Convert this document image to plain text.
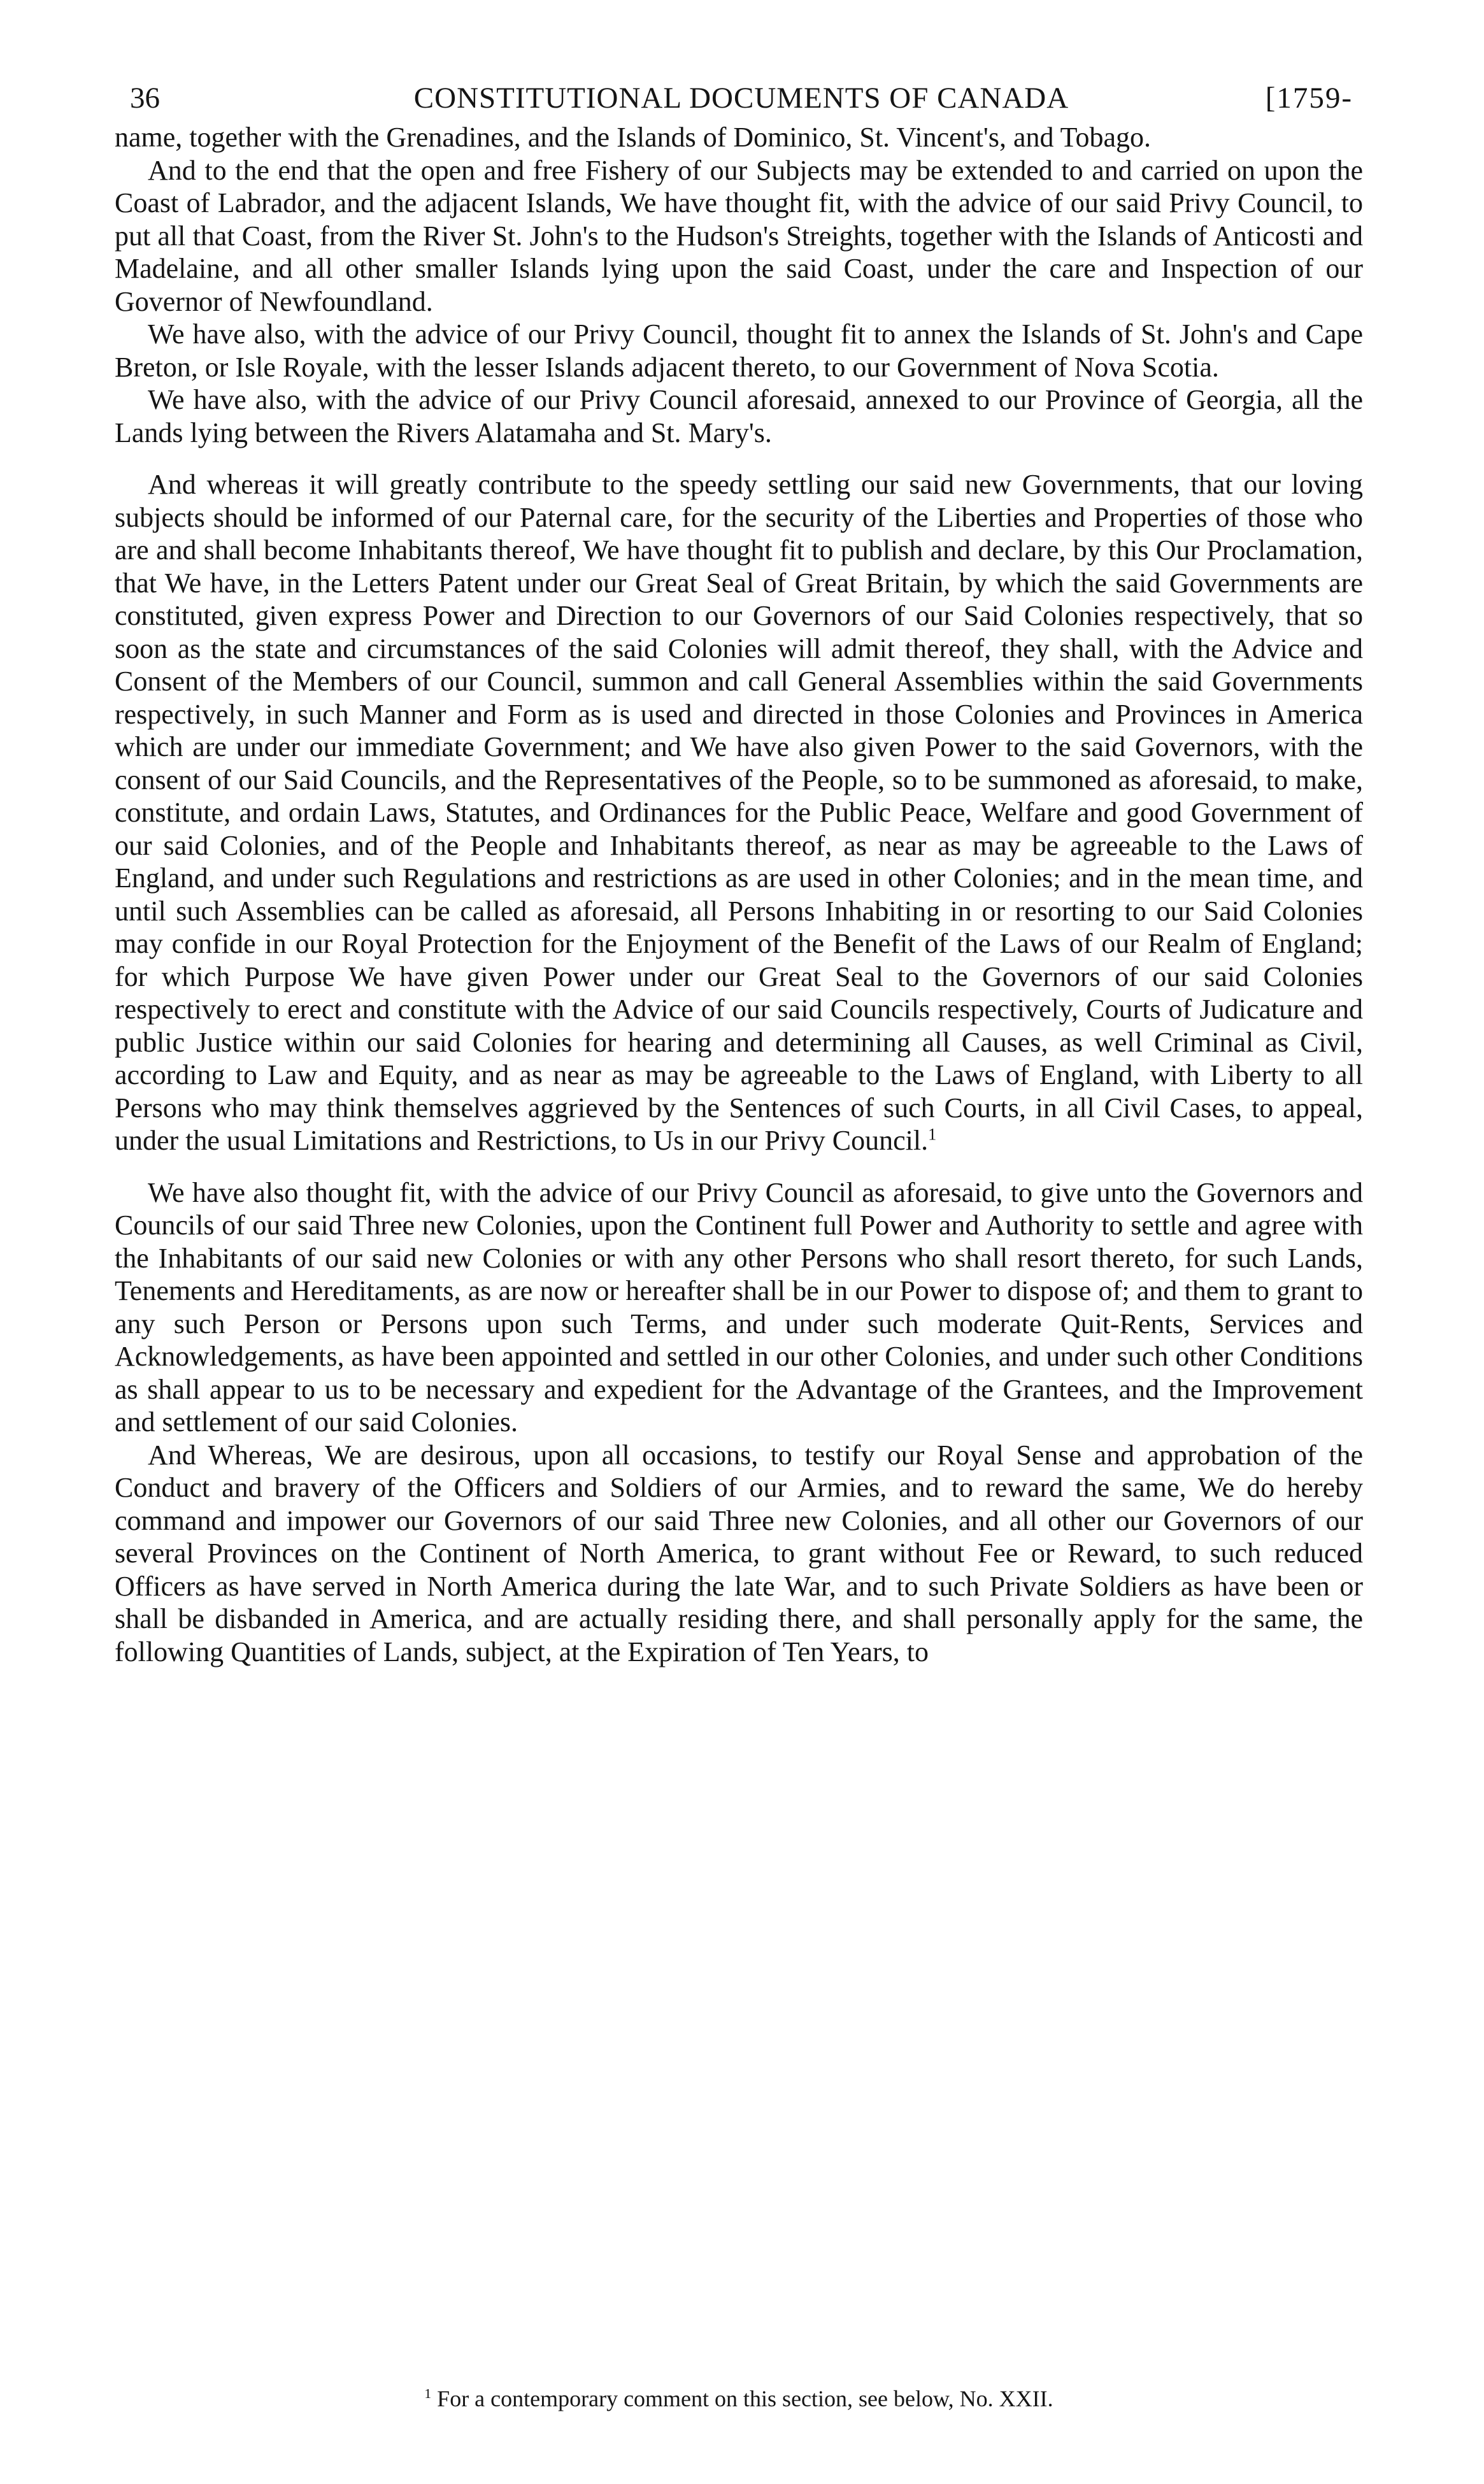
36	CONSTITUTIONAL DOCUMENTS OF CANADA	[1759-

name, together with the Grenadines, and the Islands of Dominico, St. Vincent's, and Tobago.

And to the end that the open and free Fishery of our Subjects may be extended to and carried on upon the Coast of Labrador, and the adjacent Islands, We have thought fit, with the advice of our said Privy Council, to put all that Coast, from the River St. John's to the Hudson's Streights, together with the Islands of Anticosti and Madelaine, and all other smaller Islands lying upon the said Coast, under the care and Inspection of our Governor of Newfoundland.

We have also, with the advice of our Privy Council, thought fit to annex the Islands of St. John's and Cape Breton, or Isle Royale, with the lesser Islands adjacent thereto, to our Government of Nova Scotia.

We have also, with the advice of our Privy Council aforesaid, annexed to our Province of Georgia, all the Lands lying between the Rivers Alatamaha and St. Mary's.

And whereas it will greatly contribute to the speedy settling our said new Governments, that our loving subjects should be informed of our Paternal care, for the security of the Liberties and Properties of those who are and shall become Inhabitants thereof, We have thought fit to publish and declare, by this Our Proclamation, that We have, in the Letters Patent under our Great Seal of Great Britain, by which the said Governments are constituted, given express Power and Direction to our Governors of our Said Colonies respectively, that so soon as the state and circumstances of the said Colonies will admit thereof, they shall, with the Advice and Consent of the Members of our Council, summon and call General Assemblies within the said Governments respectively, in such Manner and Form as is used and directed in those Colonies and Provinces in America which are under our immediate Government; and We have also given Power to the said Governors, with the consent of our Said Councils, and the Representatives of the People, so to be summoned as aforesaid, to make, constitute, and ordain Laws, Statutes, and Ordinances for the Public Peace, Welfare and good Government of our said Colonies, and of the People and Inhabitants thereof, as near as may be agreeable to the Laws of England, and under such Regulations and restrictions as are used in other Colonies; and in the mean time, and until such Assemblies can be called as aforesaid, all Persons Inhabiting in or resorting to our Said Colonies may confide in our Royal Protection for the Enjoyment of the Benefit of the Laws of our Realm of England; for which Purpose We have given Power under our Great Seal to the Governors of our said Colonies respectively to erect and constitute with the Advice of our said Councils respectively, Courts of Judicature and public Justice within our said Colonies for hearing and determining all Causes, as well Criminal as Civil, according to Law and Equity, and as near as may be agreeable to the Laws of England, with Liberty to all Persons who may think themselves aggrieved by the Sentences of such Courts, in all Civil Cases, to appeal, under the usual Limitations and Restrictions, to Us in our Privy Council.$^1$

We have also thought fit, with the advice of our Privy Council as aforesaid, to give unto the Governors and Councils of our said Three new Colonies, upon the Continent full Power and Authority to settle and agree with the Inhabitants of our said new Colonies or with any other Persons who shall resort thereto, for such Lands, Tenements and Hereditaments, as are now or hereafter shall be in our Power to dispose of; and them to grant to any such Person or Persons upon such Terms, and under such moderate Quit-Rents, Services and Acknowledgements, as have been appointed and settled in our other Colonies, and under such other Conditions as shall appear to us to be necessary and expedient for the Advantage of the Grantees, and the Improvement and settlement of our said Colonies.

And Whereas, We are desirous, upon all occasions, to testify our Royal Sense and approbation of the Conduct and bravery of the Officers and Soldiers of our Armies, and to reward the same, We do hereby command and impower our Governors of our said Three new Colonies, and all other our Governors of our several Provinces on the Continent of North America, to grant without Fee or Reward, to such reduced Officers as have served in North America during the late War, and to such Private Soldiers as have been or shall be disbanded in America, and are actually residing there, and shall personally apply for the same, the following Quantities of Lands, subject, at the Expiration of Ten Years, to

$^1$ For a contemporary comment on this section, see below, No. XXII.
